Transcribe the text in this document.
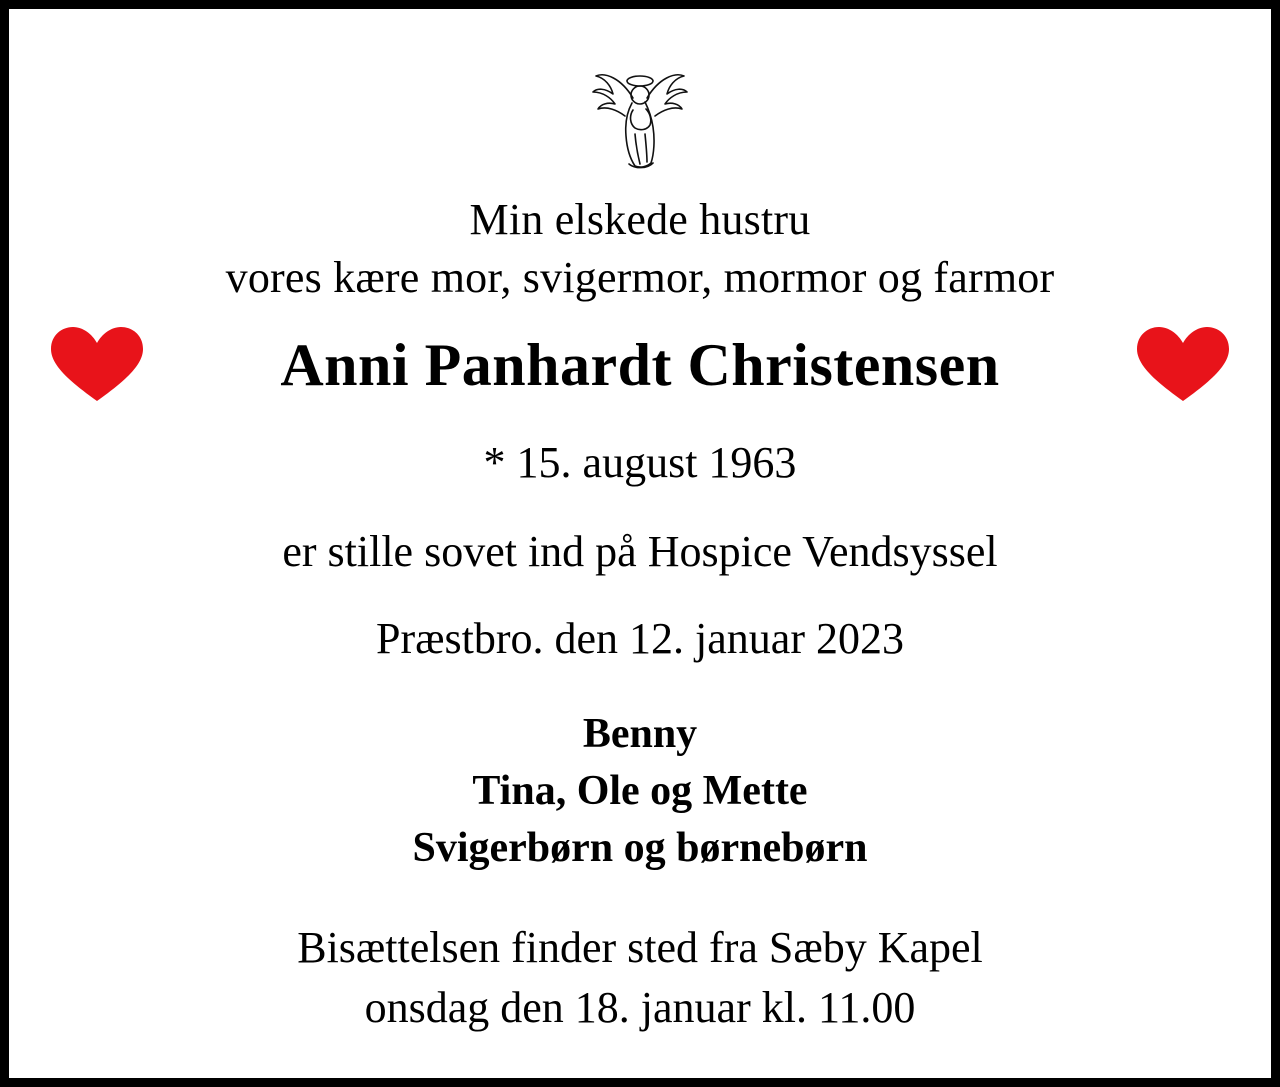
Min elskede hustru
vores kære mor, svigermor, mormor og farmor
Anni Panhardt Christensen
* 15. august 1963
er stille sovet ind på Hospice Vendsyssel
Præstbro. den 12. januar 2023
Benny
Tina, Ole og Mette
Svigerbørn og børnebørn
Bisættelsen finder sted fra Sæby Kapel
onsdag den 18. januar kl. 11.00
